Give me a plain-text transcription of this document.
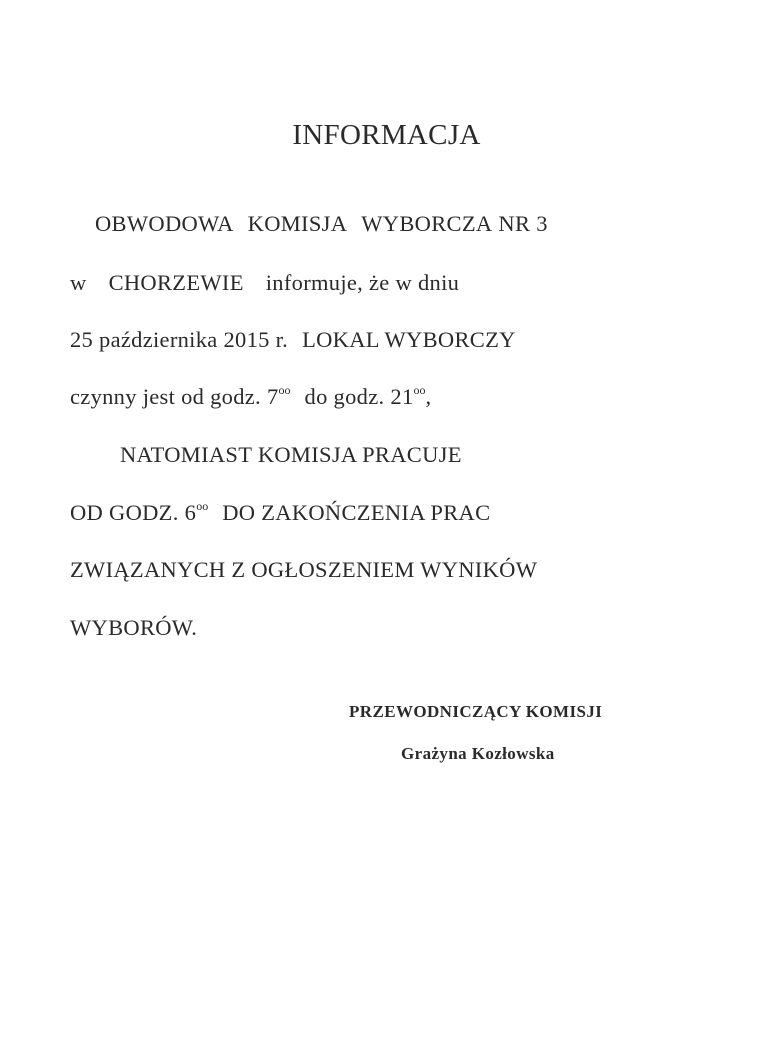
INFORMACJA
OBWODOWA KOMISJA WYBORCZA NR 3
w CHORZEWIE informuje, że w dniu
25 października 2015 r. LOKAL WYBORCZY
czynny jest od godz. $7^{oo}$ do godz. $21^{oo}$,
NATOMIAST KOMISJA PRACUJE
OD GODZ. $6^{oo}$ DO ZAKOŃCZENIA PRAC
ZWIĄZANYCH Z OGŁOSZENIEM WYNIKÓW
WYBORÓW.
PRZEWODNICZĄCY KOMISJI
Grażyna Kozłowska
